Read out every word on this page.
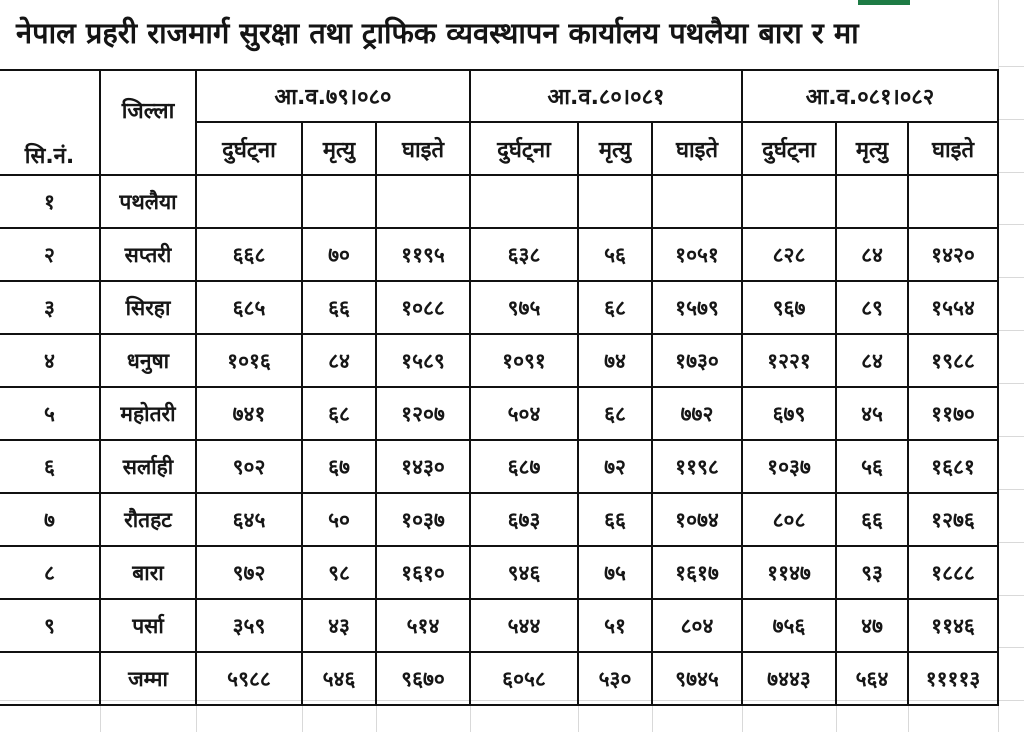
नेपाल प्रहरी राजमार्ग सुरक्षा तथा ट्राफिक व्यवस्थापन कार्यालय पथलैया बारा र मा
सि.नं.	जिल्ला	आ.व.७९।०८०			आ.व.८०।०८१			आ.व.०८१।०८२		
		दुर्घट्ना	मृत्यु	घाइते	दुर्घट्ना	मृत्यु	घाइते	दुर्घट्ना	मृत्यु	घाइते
१	पथलैया									
२	सप्तरी	६६८	७०	११९५	६३८	५६	१०५१	८२८	८४	१४२०
३	सिरहा	६८५	६६	१०८८	९७५	६८	१५७९	९६७	८९	१५५४
४	धनुषा	१०१६	८४	१५८९	१०९१	७४	१७३०	१२२१	८४	१९८८
५	महोतरी	७४१	६८	१२०७	५०४	६८	७७२	६७९	४५	११७०
६	सर्लाही	९०२	६७	१४३०	६८७	७२	११९८	१०३७	५६	१६८१
७	रौतहट	६४५	५०	१०३७	६७३	६६	१०७४	८०८	६६	१२७६
८	बारा	९७२	९८	१६१०	९४६	७५	१६१७	११४७	९३	१८८८
९	पर्सा	३५९	४३	५१४	५४४	५१	८०४	७५६	४७	११४६
	जम्मा	५९८८	५४६	९६७०	६०५८	५३०	९७४५	७४४३	५६४	११११३
